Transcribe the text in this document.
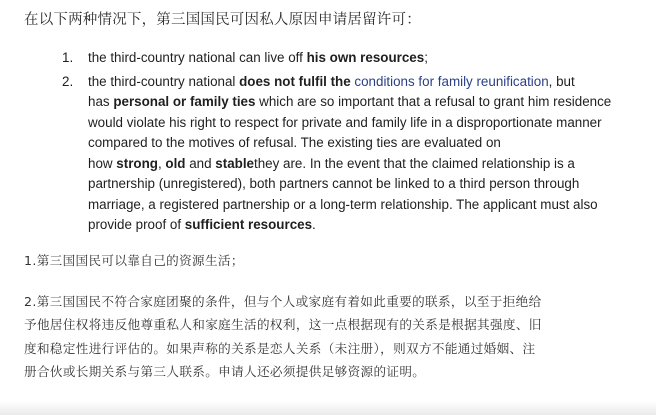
在以下两种情况下，第三国国民可因私人原因申请居留许可：
1. the third-country national can live off his own resources;
2. the third-country national does not fulfil the conditions for family reunification, but
has personal or family ties which are so important that a refusal to grant him residence
would violate his right to respect for private and family life in a disproportionate manner
compared to the motives of refusal. The existing ties are evaluated on
how strong, old and stablethey are. In the event that the claimed relationship is a
partnership (unregistered), both partners cannot be linked to a third person through
marriage, a registered partnership or a long-term relationship. The applicant must also
provide proof of sufficient resources.
1.第三国国民可以靠自己的资源生活；
2.第三国国民不符合家庭团聚的条件，但与个人或家庭有着如此重要的联系，以至于拒绝给
予他居住权将违反他尊重私人和家庭生活的权利，这一点根据现有的关系是根据其强度、旧
度和稳定性进行评估的。如果声称的关系是恋人关系（未注册），则双方不能通过婚姻、注
册合伙或长期关系与第三人联系。申请人还必须提供足够资源的证明。
